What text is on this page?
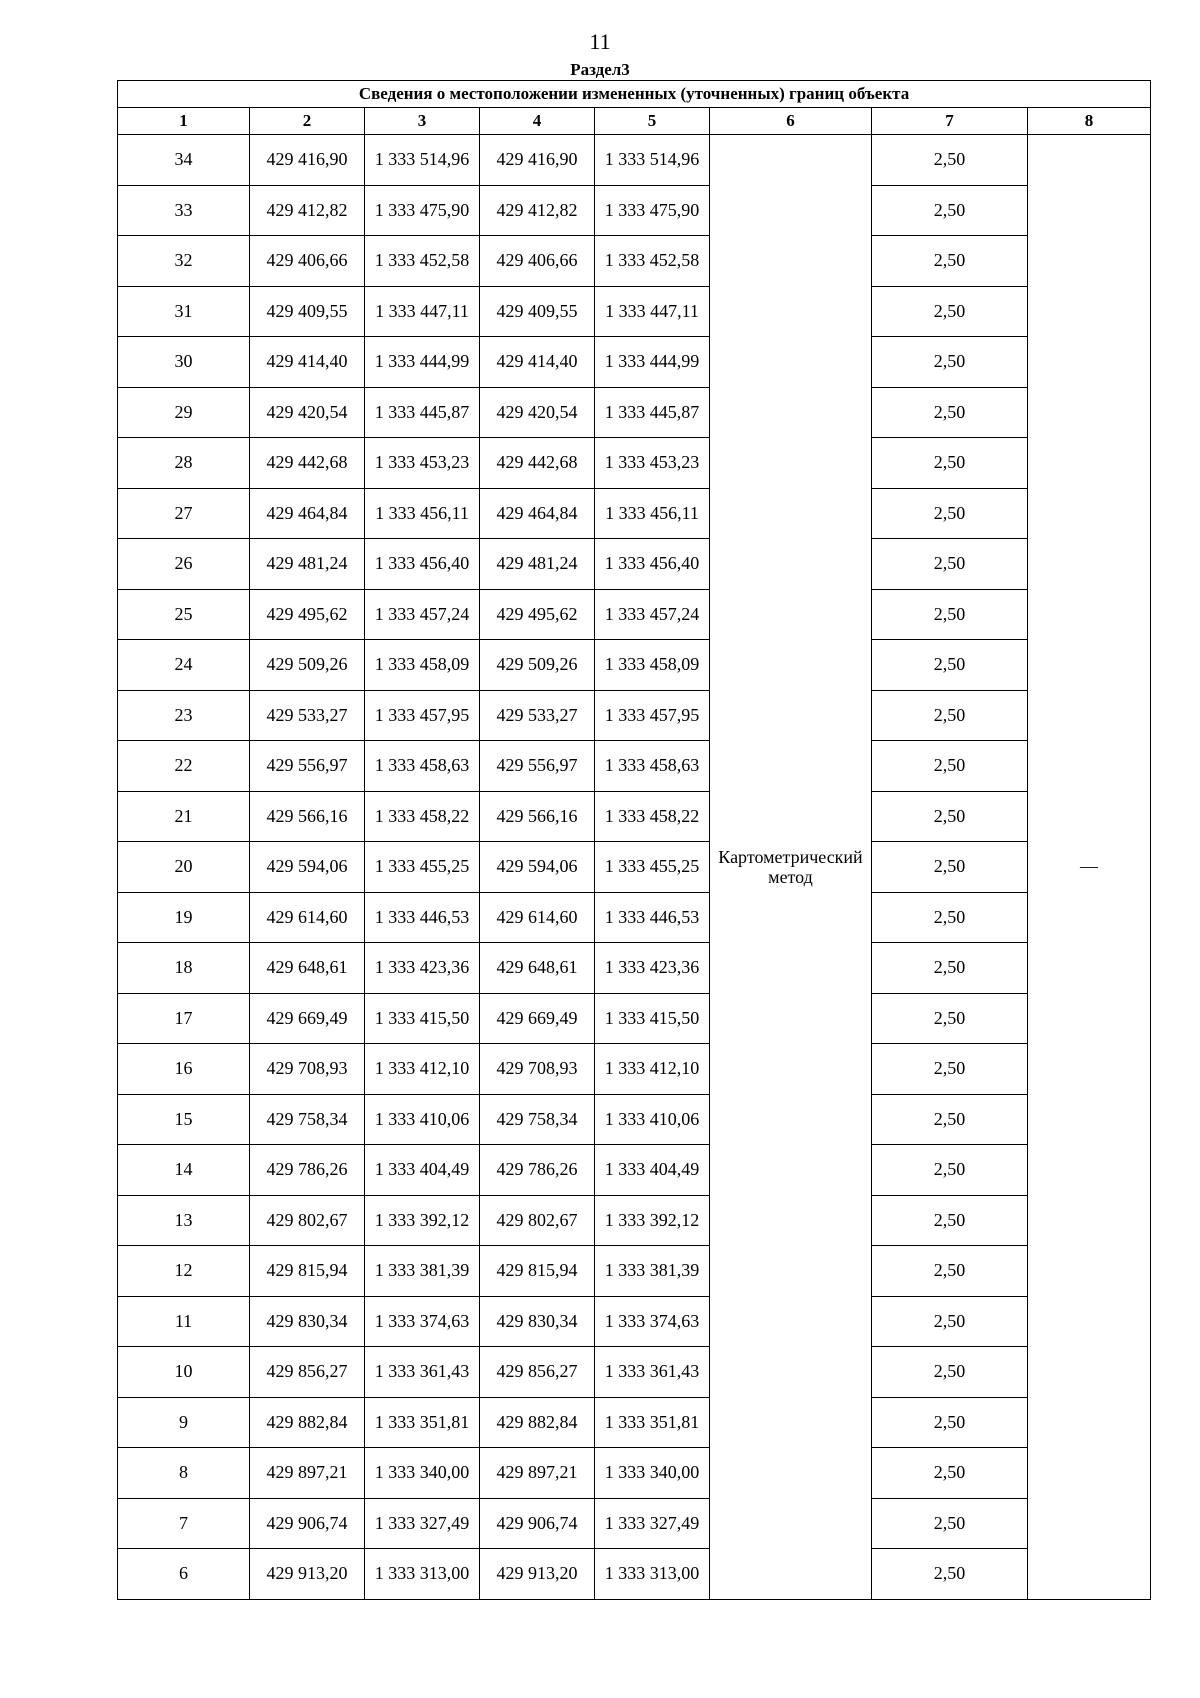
11
Раздел3
Сведения о местоположении измененных (уточненных) границ объекта							
1	2	3	4	5	6	7	8
34	429 416,90	1 333 514,96	429 416,90	1 333 514,96	Картометрический метод	2,50	—
33	429 412,82	1 333 475,90	429 412,82	1 333 475,90		2,50	
32	429 406,66	1 333 452,58	429 406,66	1 333 452,58		2,50	
31	429 409,55	1 333 447,11	429 409,55	1 333 447,11		2,50	
30	429 414,40	1 333 444,99	429 414,40	1 333 444,99		2,50	
29	429 420,54	1 333 445,87	429 420,54	1 333 445,87		2,50	
28	429 442,68	1 333 453,23	429 442,68	1 333 453,23		2,50	
27	429 464,84	1 333 456,11	429 464,84	1 333 456,11		2,50	
26	429 481,24	1 333 456,40	429 481,24	1 333 456,40		2,50	
25	429 495,62	1 333 457,24	429 495,62	1 333 457,24		2,50	
24	429 509,26	1 333 458,09	429 509,26	1 333 458,09		2,50	
23	429 533,27	1 333 457,95	429 533,27	1 333 457,95		2,50	
22	429 556,97	1 333 458,63	429 556,97	1 333 458,63		2,50	
21	429 566,16	1 333 458,22	429 566,16	1 333 458,22		2,50	
20	429 594,06	1 333 455,25	429 594,06	1 333 455,25		2,50	
19	429 614,60	1 333 446,53	429 614,60	1 333 446,53		2,50	
18	429 648,61	1 333 423,36	429 648,61	1 333 423,36		2,50	
17	429 669,49	1 333 415,50	429 669,49	1 333 415,50		2,50	
16	429 708,93	1 333 412,10	429 708,93	1 333 412,10		2,50	
15	429 758,34	1 333 410,06	429 758,34	1 333 410,06		2,50	
14	429 786,26	1 333 404,49	429 786,26	1 333 404,49		2,50	
13	429 802,67	1 333 392,12	429 802,67	1 333 392,12		2,50	
12	429 815,94	1 333 381,39	429 815,94	1 333 381,39		2,50	
11	429 830,34	1 333 374,63	429 830,34	1 333 374,63		2,50	
10	429 856,27	1 333 361,43	429 856,27	1 333 361,43		2,50	
9	429 882,84	1 333 351,81	429 882,84	1 333 351,81		2,50	
8	429 897,21	1 333 340,00	429 897,21	1 333 340,00		2,50	
7	429 906,74	1 333 327,49	429 906,74	1 333 327,49		2,50	
6	429 913,20	1 333 313,00	429 913,20	1 333 313,00		2,50	
